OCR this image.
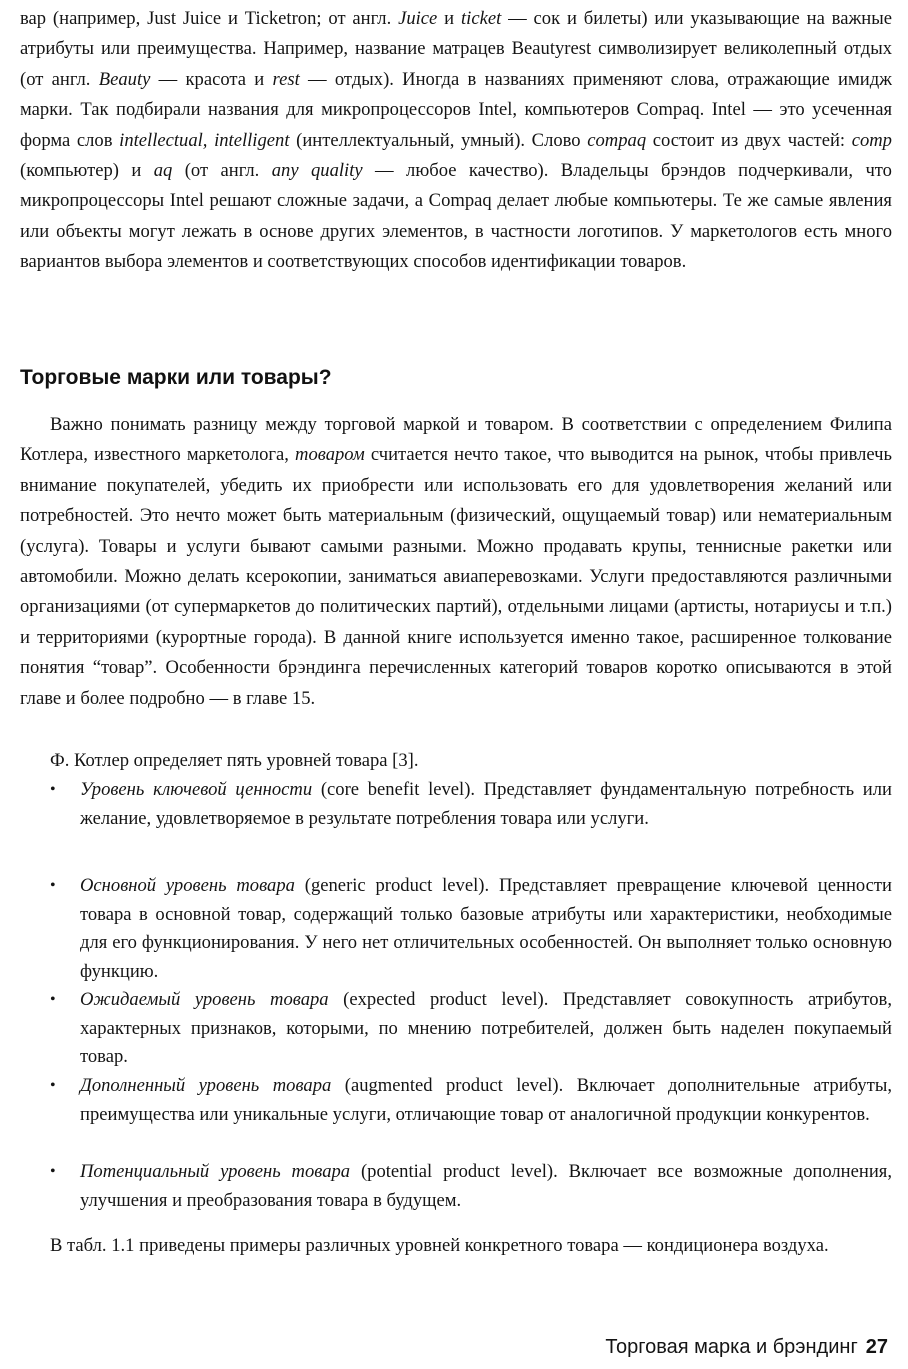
вар (например, Just Juice и Ticketron; от англ. Juice и ticket — сок и билеты) или указывающие на важные атрибуты или преимущества. Например, название матрацев Beautyrest символизирует великолепный отдых (от англ. Beauty — красота и rest — отдых). Иногда в названиях применяют слова, отражающие имидж марки. Так подбирали названия для микропроцессоров Intel, компьютеров Compaq. Intel — это усеченная форма слов intellectual, intelligent (интеллектуальный, умный). Слово compaq состоит из двух частей: comp (компьютер) и aq (от англ. any quality — любое качество). Владельцы брэндов подчеркивали, что микропроцессоры Intel решают сложные задачи, а Compaq делает любые компьютеры. Те же самые явления или объекты могут лежать в основе других элементов, в частности логотипов. У маркетологов есть много вариантов выбора элементов и соответствующих способов идентификации товаров.
Торговые марки или товары?
Важно понимать разницу между торговой маркой и товаром. В соответствии с определением Филипа Котлера, известного маркетолога, товаром считается нечто такое, что выводится на рынок, чтобы привлечь внимание покупателей, убедить их приобрести или использовать его для удовлетворения желаний или потребностей. Это нечто может быть материальным (физический, ощущаемый товар) или нематериальным (услуга). Товары и услуги бывают самыми разными. Можно продавать крупы, теннисные ракетки или автомобили. Можно делать ксерокопии, заниматься авиаперевозками. Услуги предоставляются различными организациями (от супермаркетов до политических партий), отдельными лицами (артисты, нотариусы и т.п.) и территориями (курортные города). В данной книге используется именно такое, расширенное толкование понятия “товар”. Особенности брэндинга перечисленных категорий товаров коротко описываются в этой главе и более подробно — в главе 15.
Ф. Котлер определяет пять уровней товара [3].
•	Уровень ключевой ценности (core benefit level). Представляет фундаментальную потребность или желание, удовлетворяемое в результате потребления товара или услуги.
•	Основной уровень товара (generic product level). Представляет превращение ключевой ценности товара в основной товар, содержащий только базовые атрибуты или характеристики, необходимые для его функционирования. У него нет отличительных особенностей. Он выполняет только основную функцию.
•	Ожидаемый уровень товара (expected product level). Представляет совокупность атрибутов, характерных признаков, которыми, по мнению потребителей, должен быть наделен покупаемый товар.
•	Дополненный уровень товара (augmented product level). Включает дополнительные атрибуты, преимущества или уникальные услуги, отличающие товар от аналогичной продукции конкурентов.
•	Потенциальный уровень товара (potential product level). Включает все возможные дополнения, улучшения и преобразования товара в будущем.
В табл. 1.1 приведены примеры различных уровней конкретного товара — кондиционера воздуха.
Торговая марка и брэндинг 27
